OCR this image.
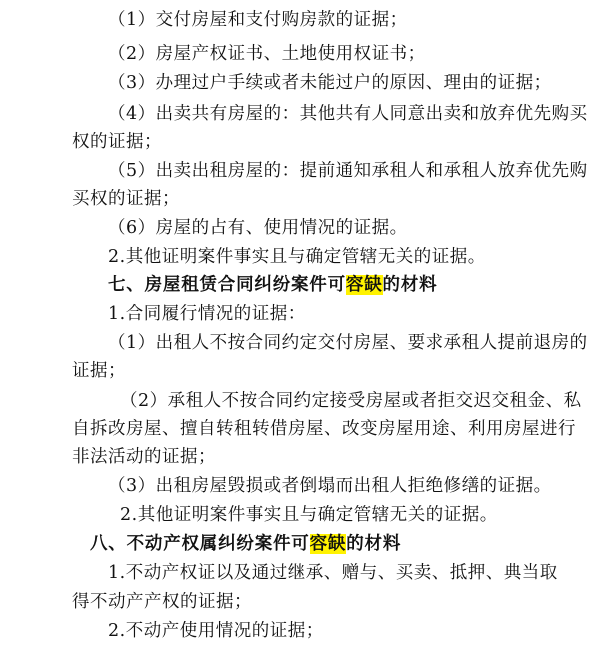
（1）交付房屋和支付购房款的证据；
（2）房屋产权证书、土地使用权证书；
（3）办理过户手续或者未能过户的原因、理由的证据；
（4）出卖共有房屋的：其他共有人同意出卖和放弃优先购买
权的证据；
（5）出卖出租房屋的：提前通知承租人和承租人放弃优先购
买权的证据；
（6）房屋的占有、使用情况的证据。
2.其他证明案件事实且与确定管辖无关的证据。
七、房屋租赁合同纠纷案件可容缺的材料
1.合同履行情况的证据：
（1）出租人不按合同约定交付房屋、要求承租人提前退房的
证据；
（2）承租人不按合同约定接受房屋或者拒交迟交租金、私
自拆改房屋、擅自转租转借房屋、改变房屋用途、利用房屋进行
非法活动的证据；
（3）出租房屋毁损或者倒塌而出租人拒绝修缮的证据。
2.其他证明案件事实且与确定管辖无关的证据。
八、不动产权属纠纷案件可容缺的材料
1.不动产权证以及通过继承、赠与、买卖、抵押、典当取
得不动产产权的证据；
2.不动产使用情况的证据；
